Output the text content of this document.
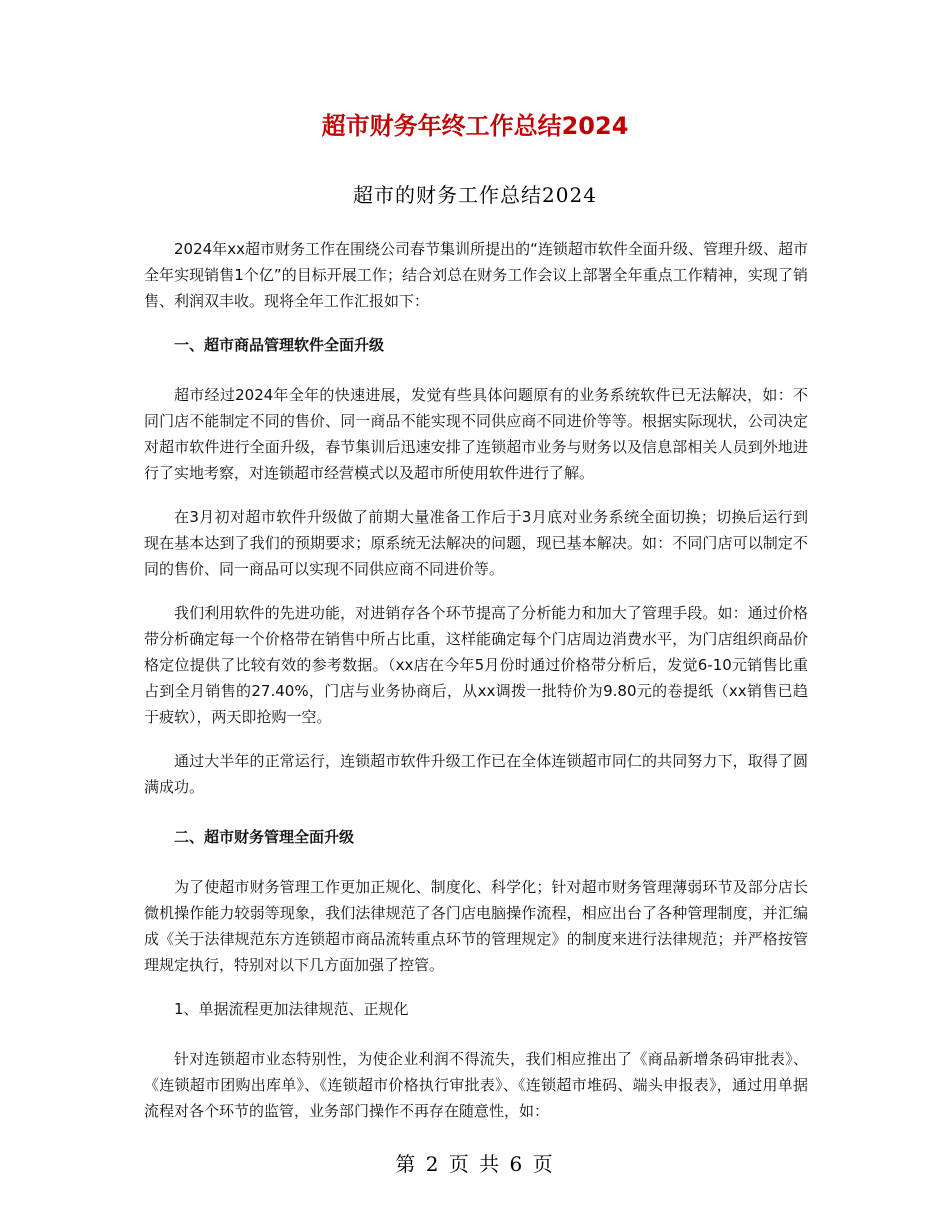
超市财务年终工作总结2024
超市的财务工作总结2024

2024年xx超市财务工作在围绕公司春节集训所提出的“连锁超市软件全面升级、管理升级、超市全年实现销售1个亿”的目标开展工作；结合刘总在财务工作会议上部署全年重点工作精神，实现了销售、利润双丰收。现将全年工作汇报如下：

一、超市商品管理软件全面升级

超市经过2024年全年的快速进展，发觉有些具体问题原有的业务系统软件已无法解决，如：不同门店不能制定不同的售价、同一商品不能实现不同供应商不同进价等等。根据实际现状，公司决定对超市软件进行全面升级，春节集训后迅速安排了连锁超市业务与财务以及信息部相关人员到外地进行了实地考察，对连锁超市经营模式以及超市所使用软件进行了解。

在3月初对超市软件升级做了前期大量准备工作后于3月底对业务系统全面切换；切换后运行到现在基本达到了我们的预期要求；原系统无法解决的问题，现已基本解决。如：不同门店可以制定不同的售价、同一商品可以实现不同供应商不同进价等。

我们利用软件的先进功能，对进销存各个环节提高了分析能力和加大了管理手段。如：通过价格带分析确定每一个价格带在销售中所占比重，这样能确定每个门店周边消费水平，为门店组织商品价格定位提供了比较有效的参考数据。（xx店在今年5月份时通过价格带分析后，发觉6-10元销售比重占到全月销售的27.40%，门店与业务协商后，从xx调拨一批特价为9.80元的卷提纸（xx销售已趋于疲软），两天即抢购一空。

通过大半年的正常运行，连锁超市软件升级工作已在全体连锁超市同仁的共同努力下，取得了圆满成功。

二、超市财务管理全面升级

为了使超市财务管理工作更加正规化、制度化、科学化；针对超市财务管理薄弱环节及部分店长微机操作能力较弱等现象，我们法律规范了各门店电脑操作流程，相应出台了各种管理制度，并汇编成《关于法律规范东方连锁超市商品流转重点环节的管理规定》的制度来进行法律规范；并严格按管理规定执行，特别对以下几方面加强了控管。

1、单据流程更加法律规范、正规化

针对连锁超市业态特别性，为使企业利润不得流失，我们相应推出了《商品新增条码审批表》、《连锁超市团购出库单》、《连锁超市价格执行审批表》、《连锁超市堆码、端头申报表》，通过用单据流程对各个环节的监管，业务部门操作不再存在随意性，如：

第 2 页 共 6 页
